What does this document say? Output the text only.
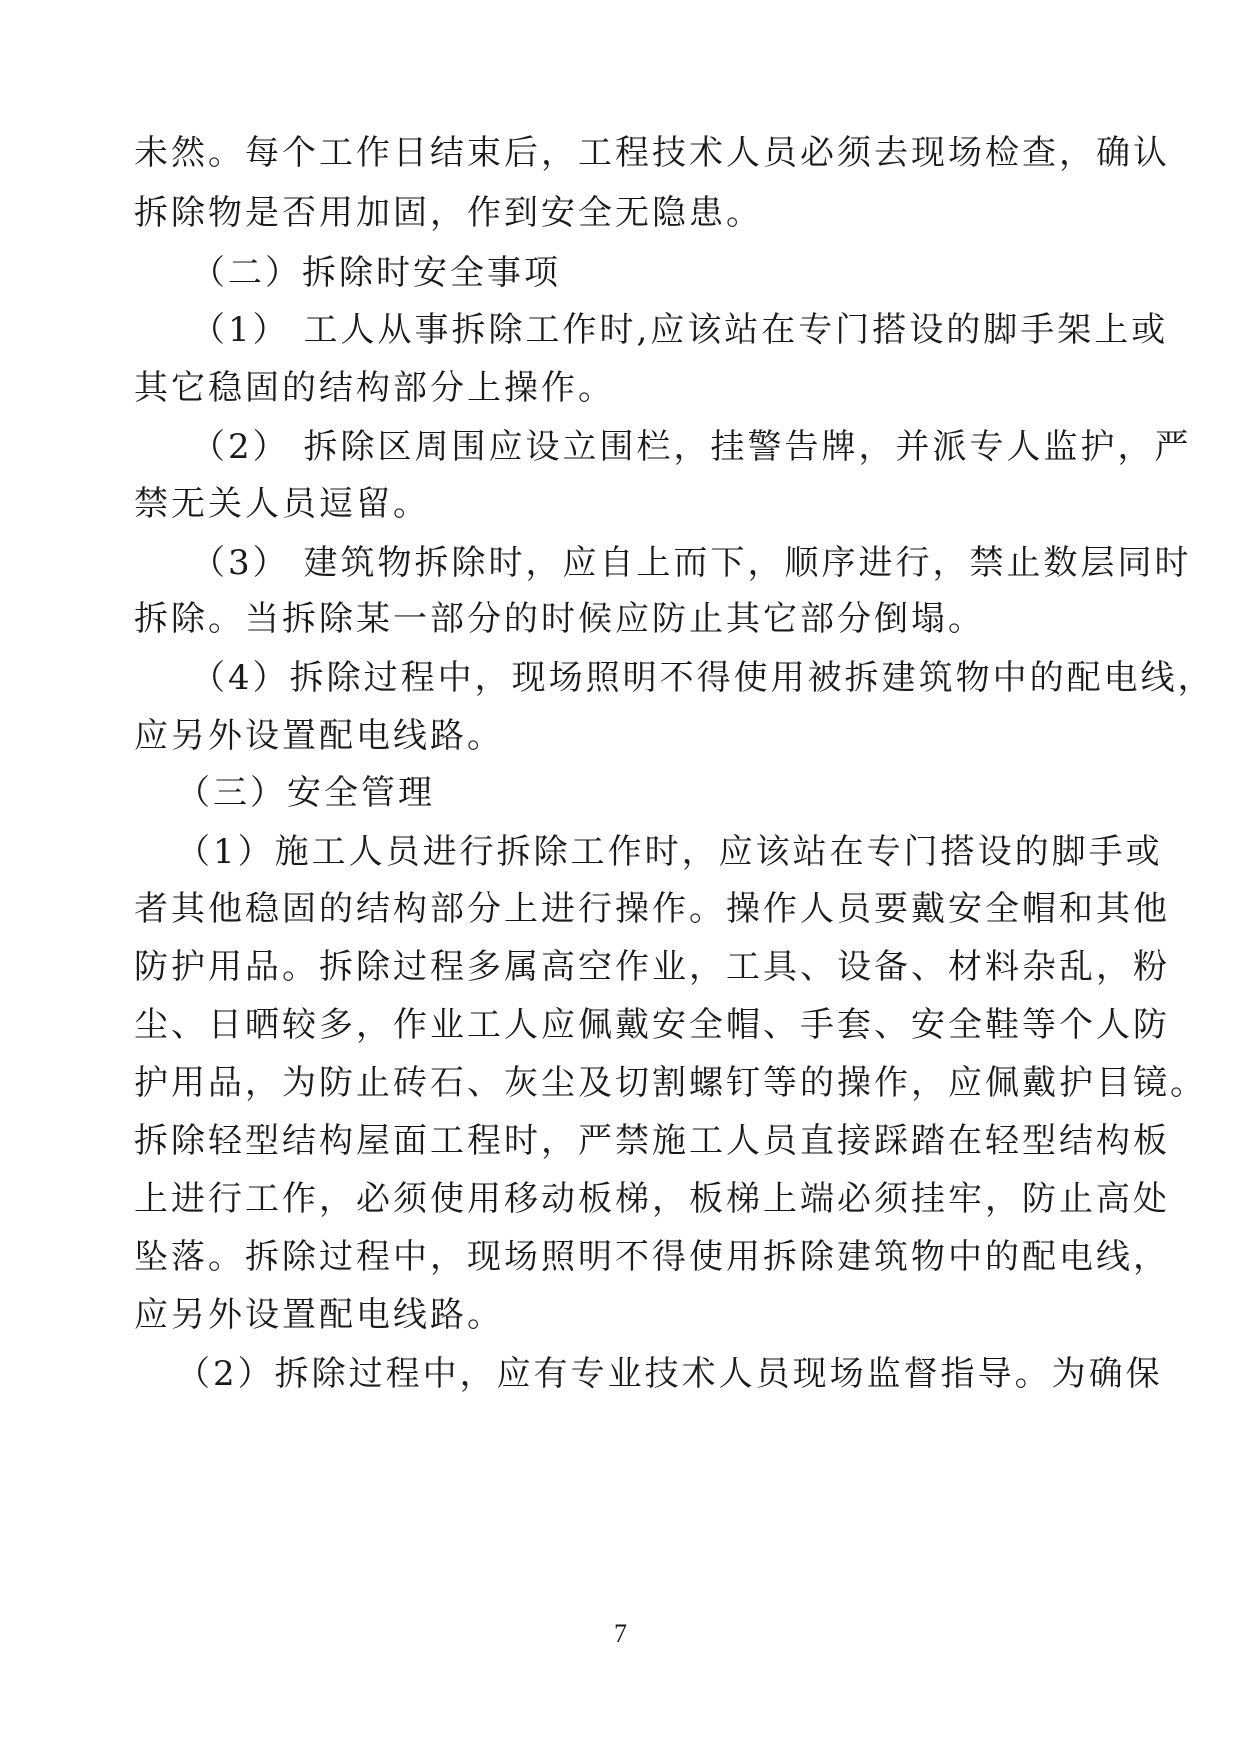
未然。每个工作日结束后，工程技术人员必须去现场检查，确认

拆除物是否用加固，作到安全无隐患。

（二）拆除时安全事项

（1） 工人从事拆除工作时,应该站在专门搭设的脚手架上或

其它稳固的结构部分上操作。

（2） 拆除区周围应设立围栏，挂警告牌，并派专人监护，严

禁无关人员逗留。

（3） 建筑物拆除时，应自上而下，顺序进行，禁止数层同时

拆除。当拆除某一部分的时候应防止其它部分倒塌。

（4）拆除过程中，现场照明不得使用被拆建筑物中的配电线，

应另外设置配电线路。

（三）安全管理

（1）施工人员进行拆除工作时，应该站在专门搭设的脚手或

者其他稳固的结构部分上进行操作。操作人员要戴安全帽和其他

防护用品。拆除过程多属高空作业，工具、设备、材料杂乱，粉

尘、日晒较多，作业工人应佩戴安全帽、手套、安全鞋等个人防

护用品，为防止砖石、灰尘及切割螺钉等的操作，应佩戴护目镜。

拆除轻型结构屋面工程时，严禁施工人员直接踩踏在轻型结构板

上进行工作，必须使用移动板梯，板梯上端必须挂牢，防止高处

坠落。拆除过程中，现场照明不得使用拆除建筑物中的配电线，

应另外设置配电线路。

（2）拆除过程中，应有专业技术人员现场监督指导。为确保

7
